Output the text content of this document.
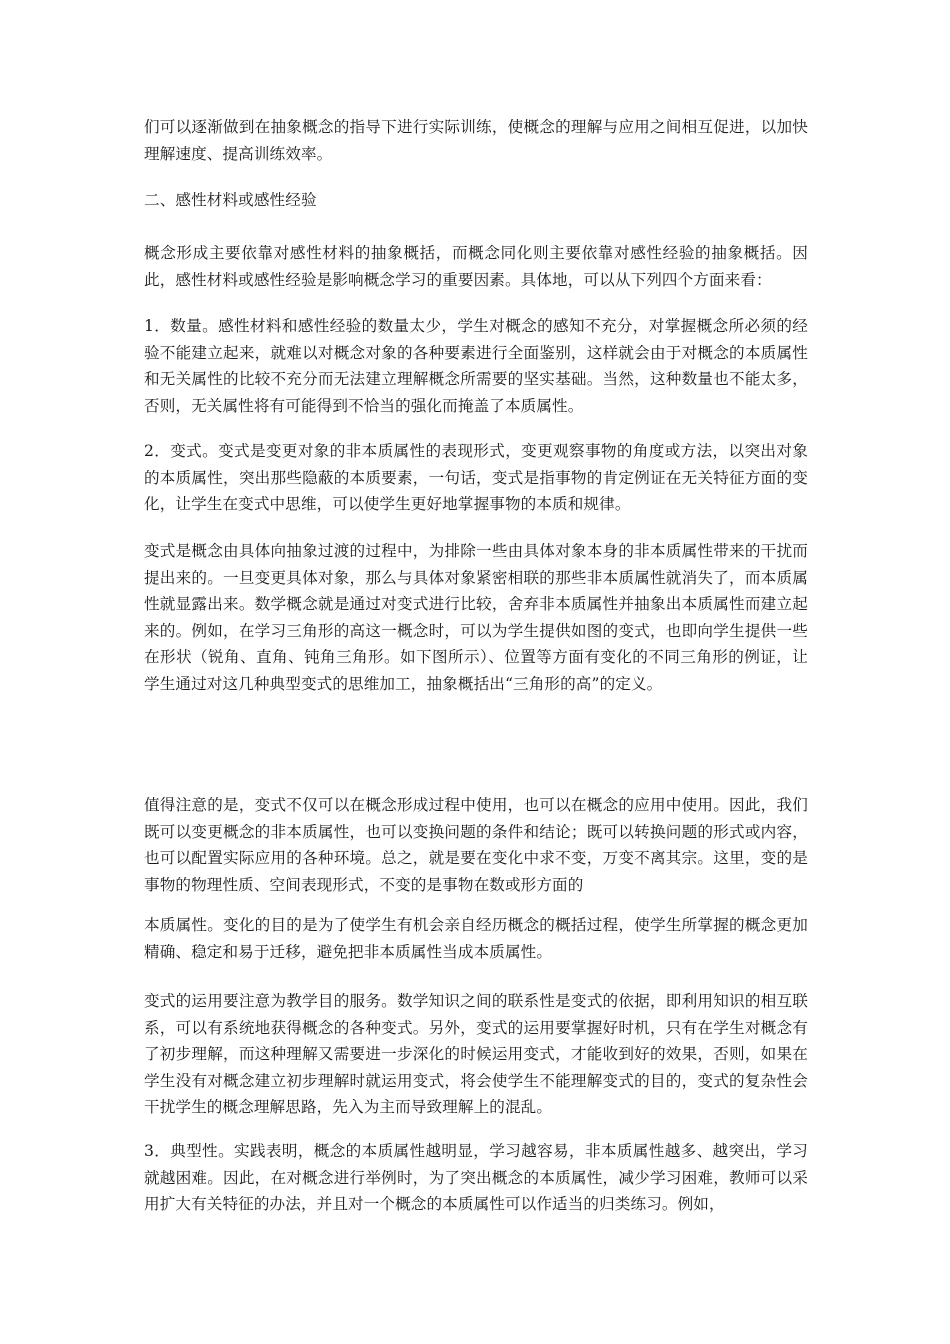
们可以逐渐做到在抽象概念的指导下进行实际训练，使概念的理解与应用之间相互促进，以加快理解速度、提高训练效率。

二、感性材料或感性经验

概念形成主要依靠对感性材料的抽象概括，而概念同化则主要依靠对感性经验的抽象概括。因此，感性材料或感性经验是影响概念学习的重要因素。具体地，可以从下列四个方面来看：

1．数量。感性材料和感性经验的数量太少，学生对概念的感知不充分，对掌握概念所必须的经验不能建立起来，就难以对概念对象的各种要素进行全面鉴别，这样就会由于对概念的本质属性和无关属性的比较不充分而无法建立理解概念所需要的坚实基础。当然，这种数量也不能太多，否则，无关属性将有可能得到不恰当的强化而掩盖了本质属性。

2．变式。变式是变更对象的非本质属性的表现形式，变更观察事物的角度或方法，以突出对象的本质属性，突出那些隐蔽的本质要素，一句话，变式是指事物的肯定例证在无关特征方面的变化，让学生在变式中思维，可以使学生更好地掌握事物的本质和规律。

变式是概念由具体向抽象过渡的过程中，为排除一些由具体对象本身的非本质属性带来的干扰而提出来的。一旦变更具体对象，那么与具体对象紧密相联的那些非本质属性就消失了，而本质属性就显露出来。数学概念就是通过对变式进行比较，舍弃非本质属性并抽象出本质属性而建立起来的。例如，在学习三角形的高这一概念时，可以为学生提供如图的变式，也即向学生提供一些在形状（锐角、直角、钝角三角形。如下图所示）、位置等方面有变化的不同三角形的例证，让学生通过对这几种典型变式的思维加工，抽象概括出“三角形的高”的定义。

值得注意的是，变式不仅可以在概念形成过程中使用，也可以在概念的应用中使用。因此，我们既可以变更概念的非本质属性，也可以变换问题的条件和结论；既可以转换问题的形式或内容，也可以配置实际应用的各种环境。总之，就是要在变化中求不变，万变不离其宗。这里，变的是事物的物理性质、空间表现形式，不变的是事物在数或形方面的

本质属性。变化的目的是为了使学生有机会亲自经历概念的概括过程，使学生所掌握的概念更加精确、稳定和易于迁移，避免把非本质属性当成本质属性。

变式的运用要注意为教学目的服务。数学知识之间的联系性是变式的依据，即利用知识的相互联系，可以有系统地获得概念的各种变式。另外，变式的运用要掌握好时机，只有在学生对概念有了初步理解，而这种理解又需要进一步深化的时候运用变式，才能收到好的效果，否则，如果在学生没有对概念建立初步理解时就运用变式，将会使学生不能理解变式的目的，变式的复杂性会干扰学生的概念理解思路，先入为主而导致理解上的混乱。

3．典型性。实践表明，概念的本质属性越明显，学习越容易，非本质属性越多、越突出，学习就越困难。因此，在对概念进行举例时，为了突出概念的本质属性，减少学习困难，教师可以采用扩大有关特征的办法，并且对一个概念的本质属性可以作适当的归类练习。例如，
